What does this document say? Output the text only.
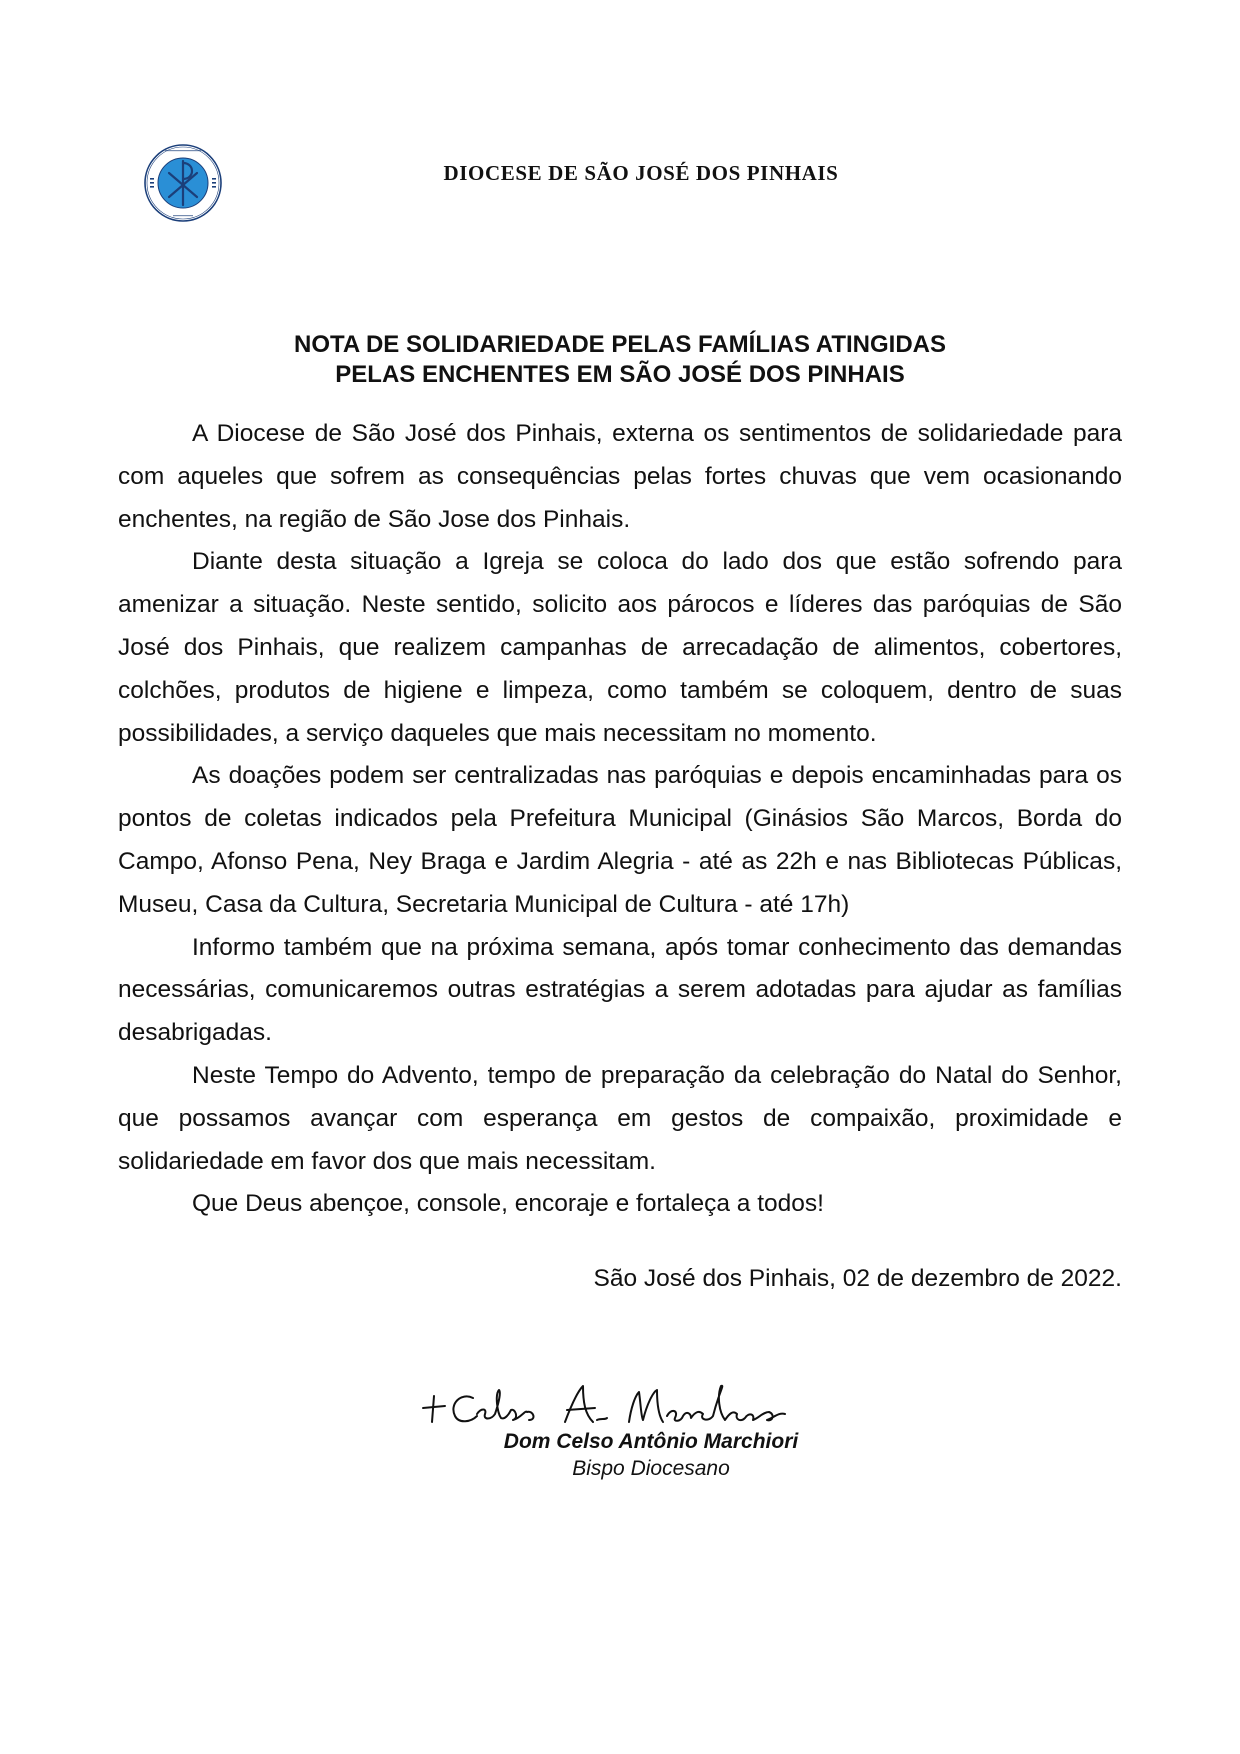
DIOCESE DE SÃO JOSÉ DOS PINHAIS
NOTA DE SOLIDARIEDADE PELAS FAMÍLIAS ATINGIDAS
PELAS ENCHENTES EM SÃO JOSÉ DOS PINHAIS

A Diocese de São José dos Pinhais, externa os sentimentos de solidariedade para com aqueles que sofrem as consequências pelas fortes chuvas que vem ocasionando enchentes, na região de São Jose dos Pinhais.

Diante desta situação a Igreja se coloca do lado dos que estão sofrendo para amenizar a situação. Neste sentido, solicito aos párocos e líderes das paróquias de São José dos Pinhais, que realizem campanhas de arrecadação de alimentos, cobertores, colchões, produtos de higiene e limpeza, como também se coloquem, dentro de suas possibilidades, a serviço daqueles que mais necessitam no momento.

As doações podem ser centralizadas nas paróquias e depois encaminhadas para os pontos de coletas indicados pela Prefeitura Municipal (Ginásios São Marcos, Borda do Campo, Afonso Pena, Ney Braga e Jardim Alegria - até as 22h e nas Bibliotecas Públicas, Museu, Casa da Cultura, Secretaria Municipal de Cultura - até 17h)

Informo também que na próxima semana, após tomar conhecimento das demandas necessárias, comunicaremos outras estratégias a serem adotadas para ajudar as famílias desabrigadas.

Neste Tempo do Advento, tempo de preparação da celebração do Natal do Senhor, que possamos avançar com esperança em gestos de compaixão, proximidade e solidariedade em favor dos que mais necessitam.

Que Deus abençoe, console, encoraje e fortaleça a todos!

São José dos Pinhais, 02 de dezembro de 2022.
Dom Celso Antônio Marchiori
Bispo Diocesano
